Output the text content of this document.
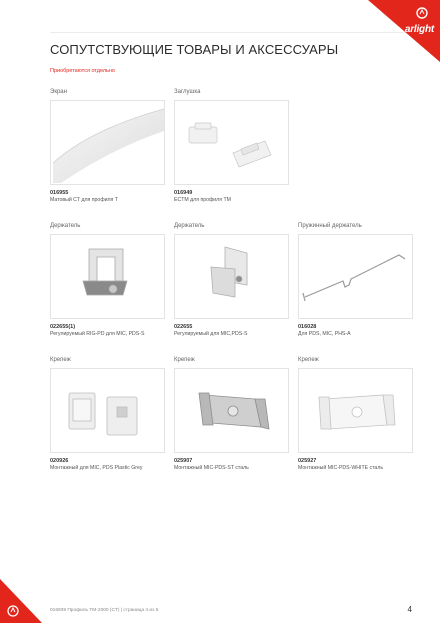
arlight
СОПУТСТВУЮЩИЕ ТОВАРЫ И АКСЕССУАРЫ
Приобретаются отдельно
Экран
016955
Матовый CT для профиля T
Заглушка
016949
ECTM для профиля TM
Держатель
022655(1)
Регулируемый RIG-PD для MIC, PDS-S
Держатель
022655
Регулируемый для MIC,PDS-S
Пружинный держатель
016028
Для PDS, MIC, PHS-A
Крепеж
020926
Монтажный для MIC, PDS Plastic Grey
Крепеж
025907
Монтажный MIC-PDS-ST сталь
Крепеж
025927
Монтажный MIC-PDS-WHITE сталь
016939 Профиль TM-2000 (CT) | страница 4 из 5	4
